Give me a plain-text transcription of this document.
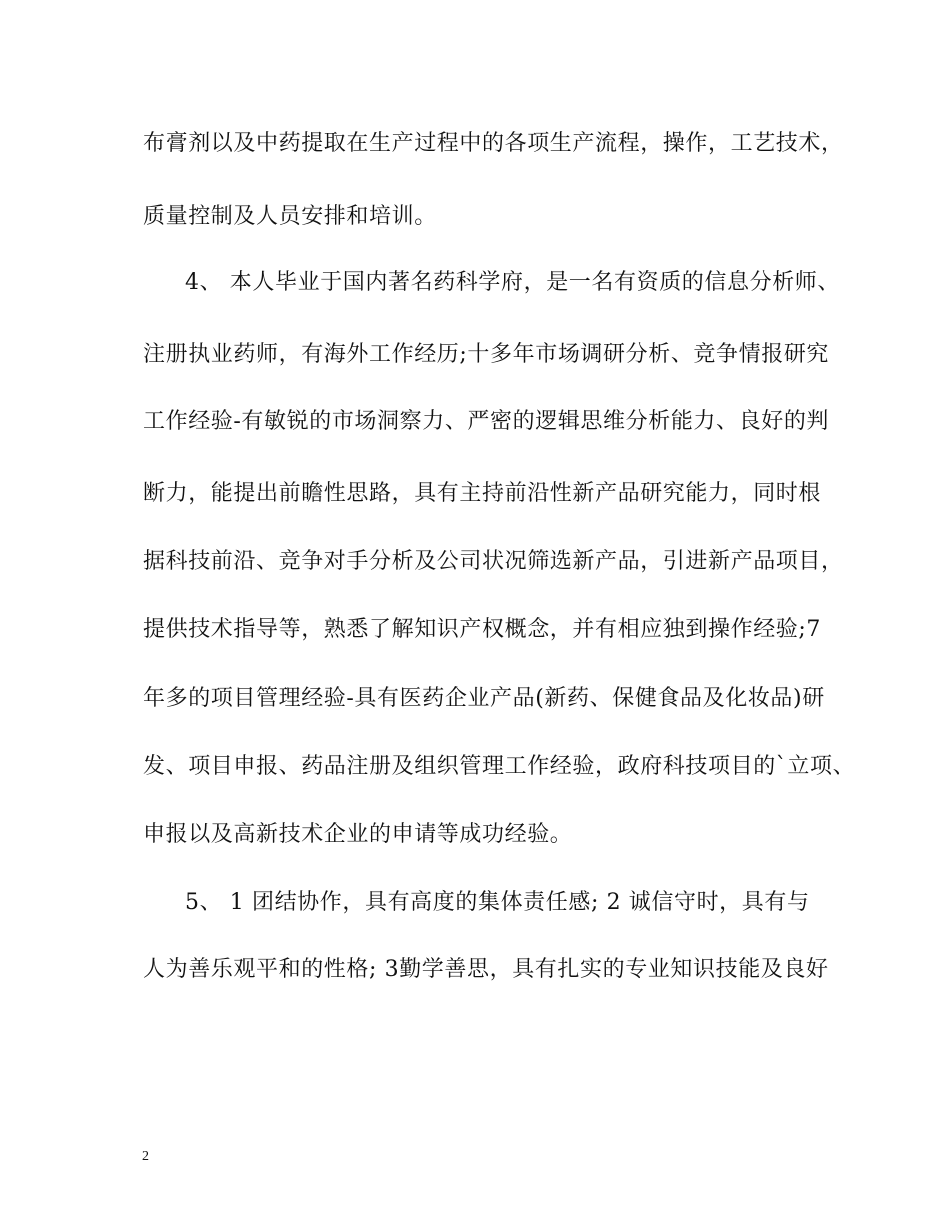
布膏剂以及中药提取在生产过程中的各项生产流程，操作，工艺技术，
质量控制及人员安排和培训。
4、 本人毕业于国内著名药科学府，是一名有资质的信息分析师、
注册执业药师，有海外工作经历;十多年市场调研分析、竞争情报研究
工作经验-有敏锐的市场洞察力、严密的逻辑思维分析能力、良好的判
断力，能提出前瞻性思路，具有主持前沿性新产品研究能力，同时根
据科技前沿、竞争对手分析及公司状况筛选新产品，引进新产品项目，
提供技术指导等，熟悉了解知识产权概念，并有相应独到操作经验;7
年多的项目管理经验-具有医药企业产品(新药、保健食品及化妆品)研
发、项目申报、药品注册及组织管理工作经验，政府科技项目的`立项、
申报以及高新技术企业的申请等成功经验。
5、 1 团结协作，具有高度的集体责任感; 2 诚信守时，具有与
人为善乐观平和的性格; 3勤学善思，具有扎实的专业知识技能及良好
2
